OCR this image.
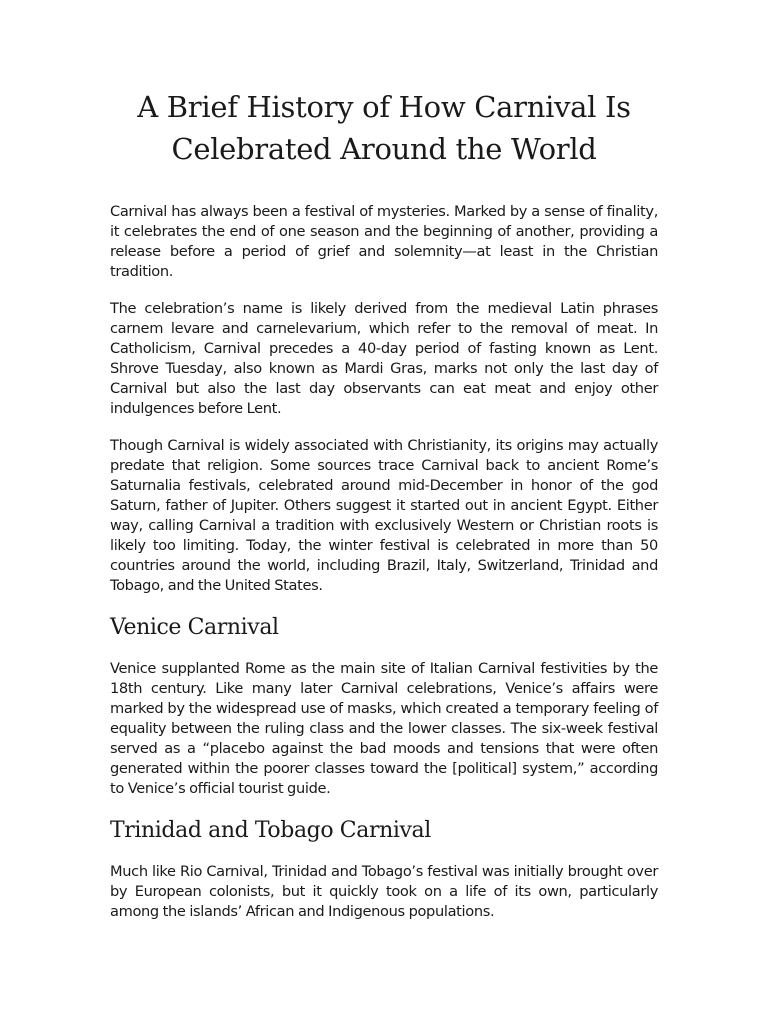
A Brief History of How Carnival Is
Celebrated Around the World

Carnival has always been a festival of mysteries. Marked by a sense of finality, it celebrates the end of one season and the beginning of another, providing a release before a period of grief and solemnity—at least in the Christian tradition.

The celebration’s name is likely derived from the medieval Latin phrases carnem levare and carnelevarium, which refer to the removal of meat. In Catholicism, Carnival precedes a 40-day period of fasting known as Lent. Shrove Tuesday, also known as Mardi Gras, marks not only the last day of Carnival but also the last day observants can eat meat and enjoy other indulgences before Lent.

Though Carnival is widely associated with Christianity, its origins may actually predate that religion. Some sources trace Carnival back to ancient Rome’s Saturnalia festivals, celebrated around mid-December in honor of the god Saturn, father of Jupiter. Others suggest it started out in ancient Egypt. Either way, calling Carnival a tradition with exclusively Western or Christian roots is likely too limiting. Today, the winter festival is celebrated in more than 50 countries around the world, including Brazil, Italy, Switzerland, Trinidad and Tobago, and the United States.

Venice Carnival

Venice supplanted Rome as the main site of Italian Carnival festivities by the 18th century. Like many later Carnival celebrations, Venice’s affairs were marked by the widespread use of masks, which created a temporary feeling of equality between the ruling class and the lower classes. The six-week festival served as a “placebo against the bad moods and tensions that were often generated within the poorer classes toward the [political] system,” according to Venice’s official tourist guide.

Trinidad and Tobago Carnival

Much like Rio Carnival, Trinidad and Tobago’s festival was initially brought over by European colonists, but it quickly took on a life of its own, particularly among the islands’ African and Indigenous populations.
